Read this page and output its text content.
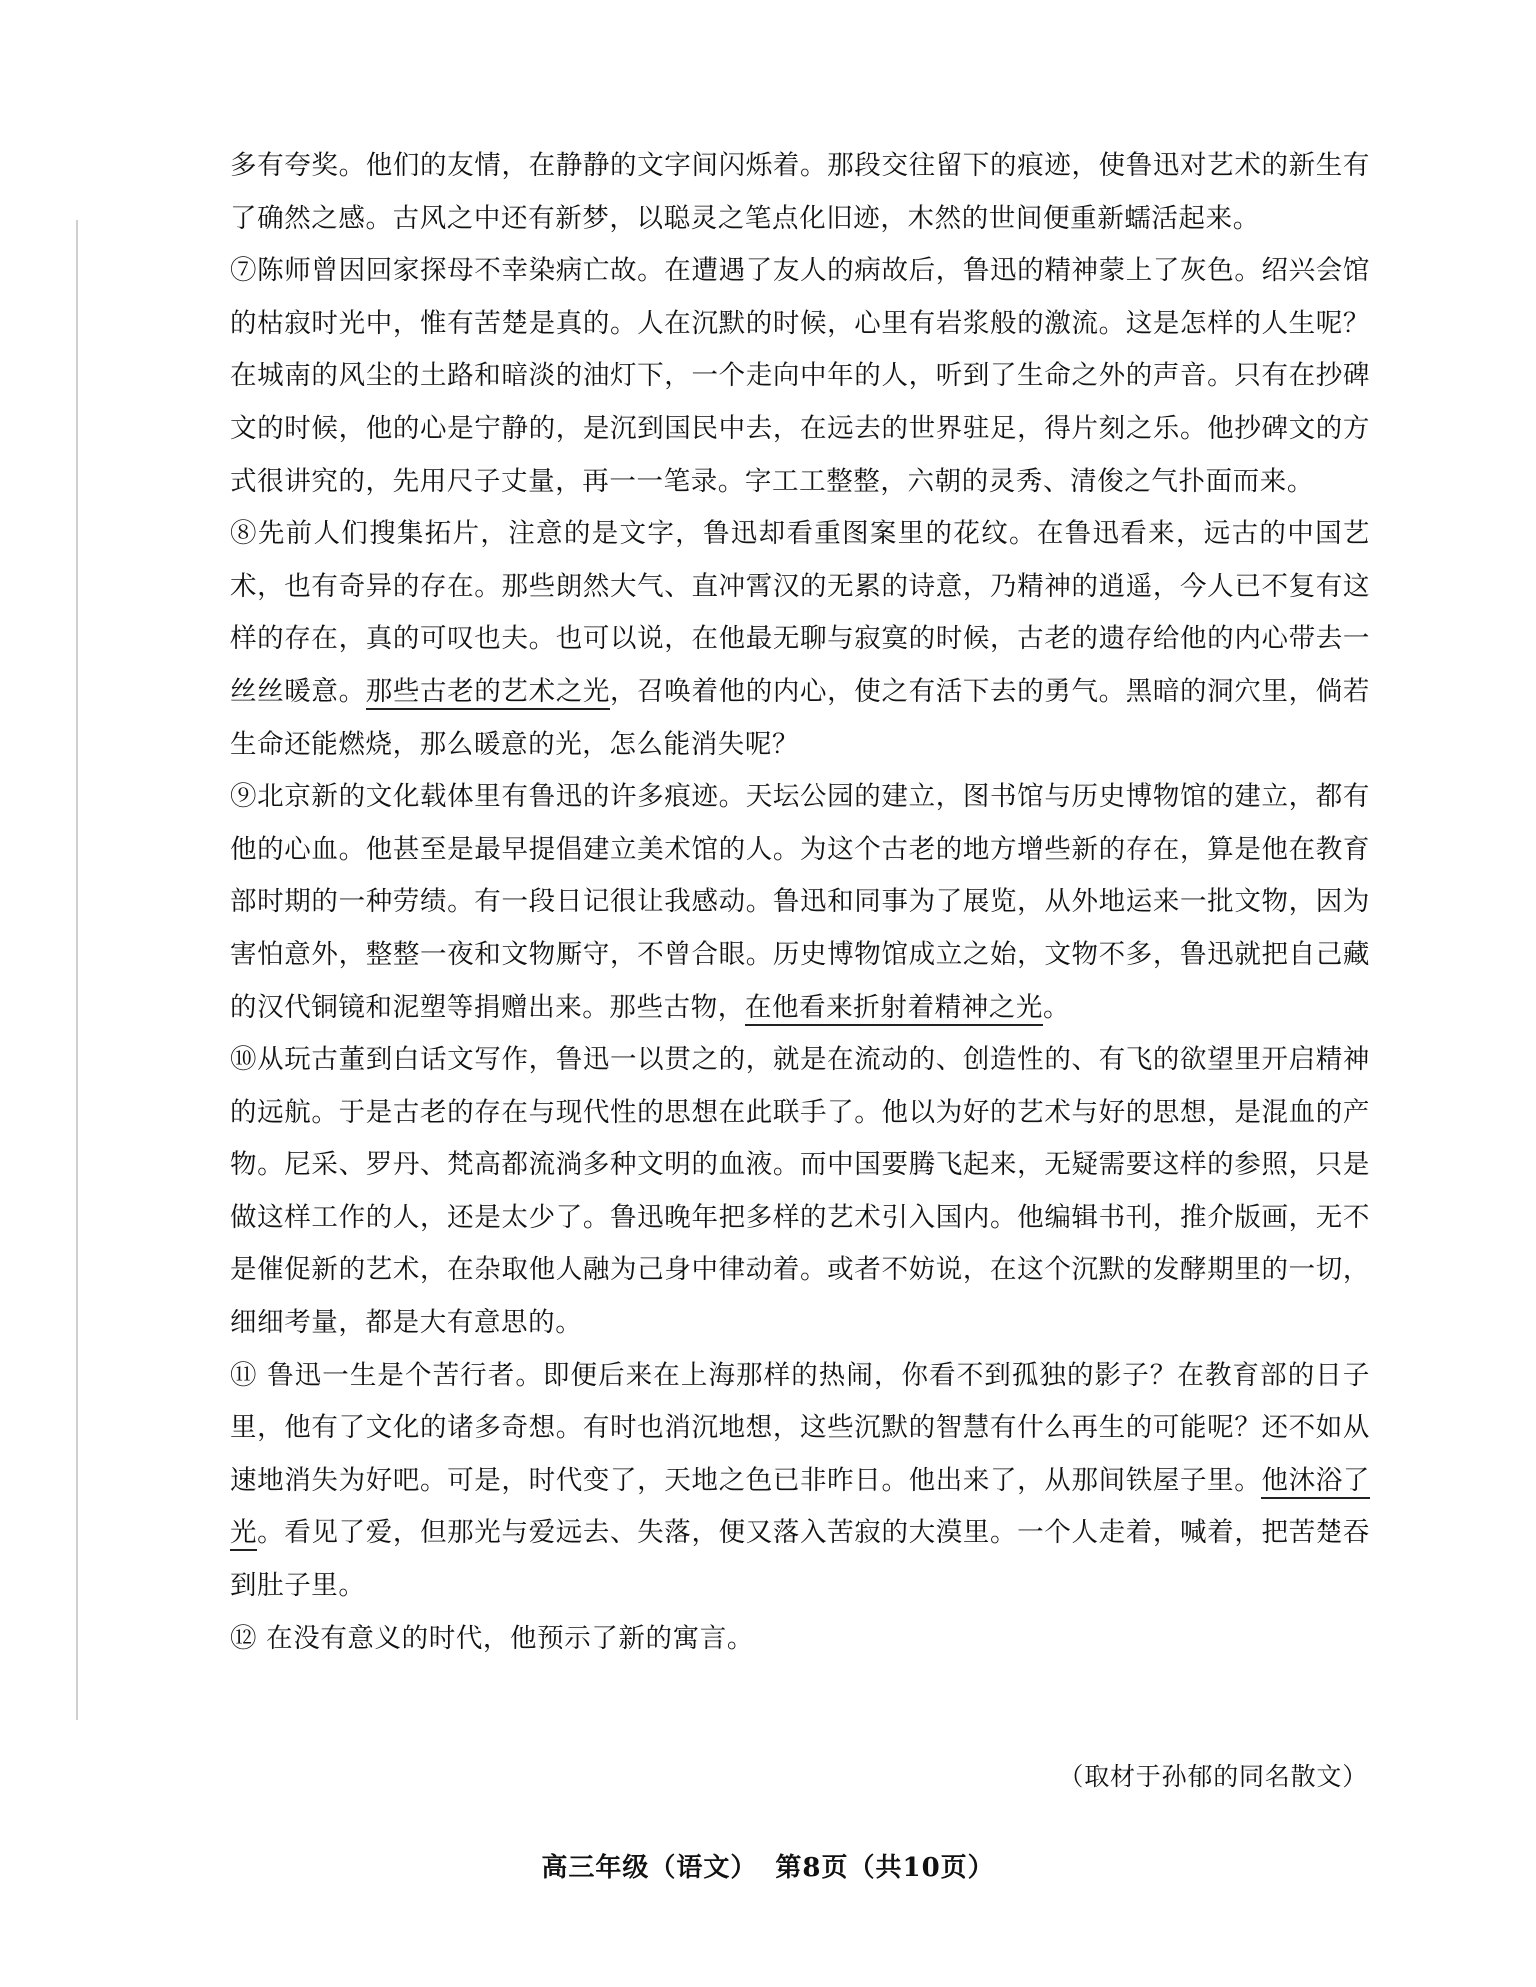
多有夸奖。他们的友情，在静静的文字间闪烁着。那段交往留下的痕迹，使鲁迅对艺术的新生有了确然之感。古风之中还有新梦，以聪灵之笔点化旧迹，木然的世间便重新蠕活起来。

⑦陈师曾因回家探母不幸染病亡故。在遭遇了友人的病故后，鲁迅的精神蒙上了灰色。绍兴会馆的枯寂时光中，惟有苦楚是真的。人在沉默的时候，心里有岩浆般的激流。这是怎样的人生呢？在城南的风尘的土路和暗淡的油灯下，一个走向中年的人，听到了生命之外的声音。只有在抄碑文的时候，他的心是宁静的，是沉到国民中去，在远去的世界驻足，得片刻之乐。他抄碑文的方式很讲究的，先用尺子丈量，再一一笔录。字工工整整，六朝的灵秀、清俊之气扑面而来。

⑧先前人们搜集拓片，注意的是文字，鲁迅却看重图案里的花纹。在鲁迅看来，远古的中国艺术，也有奇异的存在。那些朗然大气、直冲霄汉的无累的诗意，乃精神的逍遥，今人已不复有这样的存在，真的可叹也夫。也可以说，在他最无聊与寂寞的时候，古老的遗存给他的内心带去一丝丝暖意。那些古老的艺术之光，召唤着他的内心，使之有活下去的勇气。黑暗的洞穴里，倘若生命还能燃烧，那么暖意的光，怎么能消失呢？

⑨北京新的文化载体里有鲁迅的许多痕迹。天坛公园的建立，图书馆与历史博物馆的建立，都有他的心血。他甚至是最早提倡建立美术馆的人。为这个古老的地方增些新的存在，算是他在教育部时期的一种劳绩。有一段日记很让我感动。鲁迅和同事为了展览，从外地运来一批文物，因为害怕意外，整整一夜和文物厮守，不曾合眼。历史博物馆成立之始，文物不多，鲁迅就把自己藏的汉代铜镜和泥塑等捐赠出来。那些古物，在他看来折射着精神之光。

⑩从玩古董到白话文写作，鲁迅一以贯之的，就是在流动的、创造性的、有飞的欲望里开启精神的远航。于是古老的存在与现代性的思想在此联手了。他以为好的艺术与好的思想，是混血的产物。尼采、罗丹、梵高都流淌多种文明的血液。而中国要腾飞起来，无疑需要这样的参照，只是做这样工作的人，还是太少了。鲁迅晚年把多样的艺术引入国内。他编辑书刊，推介版画，无不是催促新的艺术，在杂取他人融为己身中律动着。或者不妨说，在这个沉默的发酵期里的一切，细细考量，都是大有意思的。

⑪ 鲁迅一生是个苦行者。即便后来在上海那样的热闹，你看不到孤独的影子？在教育部的日子里，他有了文化的诸多奇想。有时也消沉地想，这些沉默的智慧有什么再生的可能呢？还不如从速地消失为好吧。可是，时代变了，天地之色已非昨日。他出来了，从那间铁屋子里。他沐浴了光。看见了爱，但那光与爱远去、失落，便又落入苦寂的大漠里。一个人走着，喊着，把苦楚吞到肚子里。

⑫ 在没有意义的时代，他预示了新的寓言。

（取材于孙郁的同名散文）
高三年级（语文） 第8页（共10页）
